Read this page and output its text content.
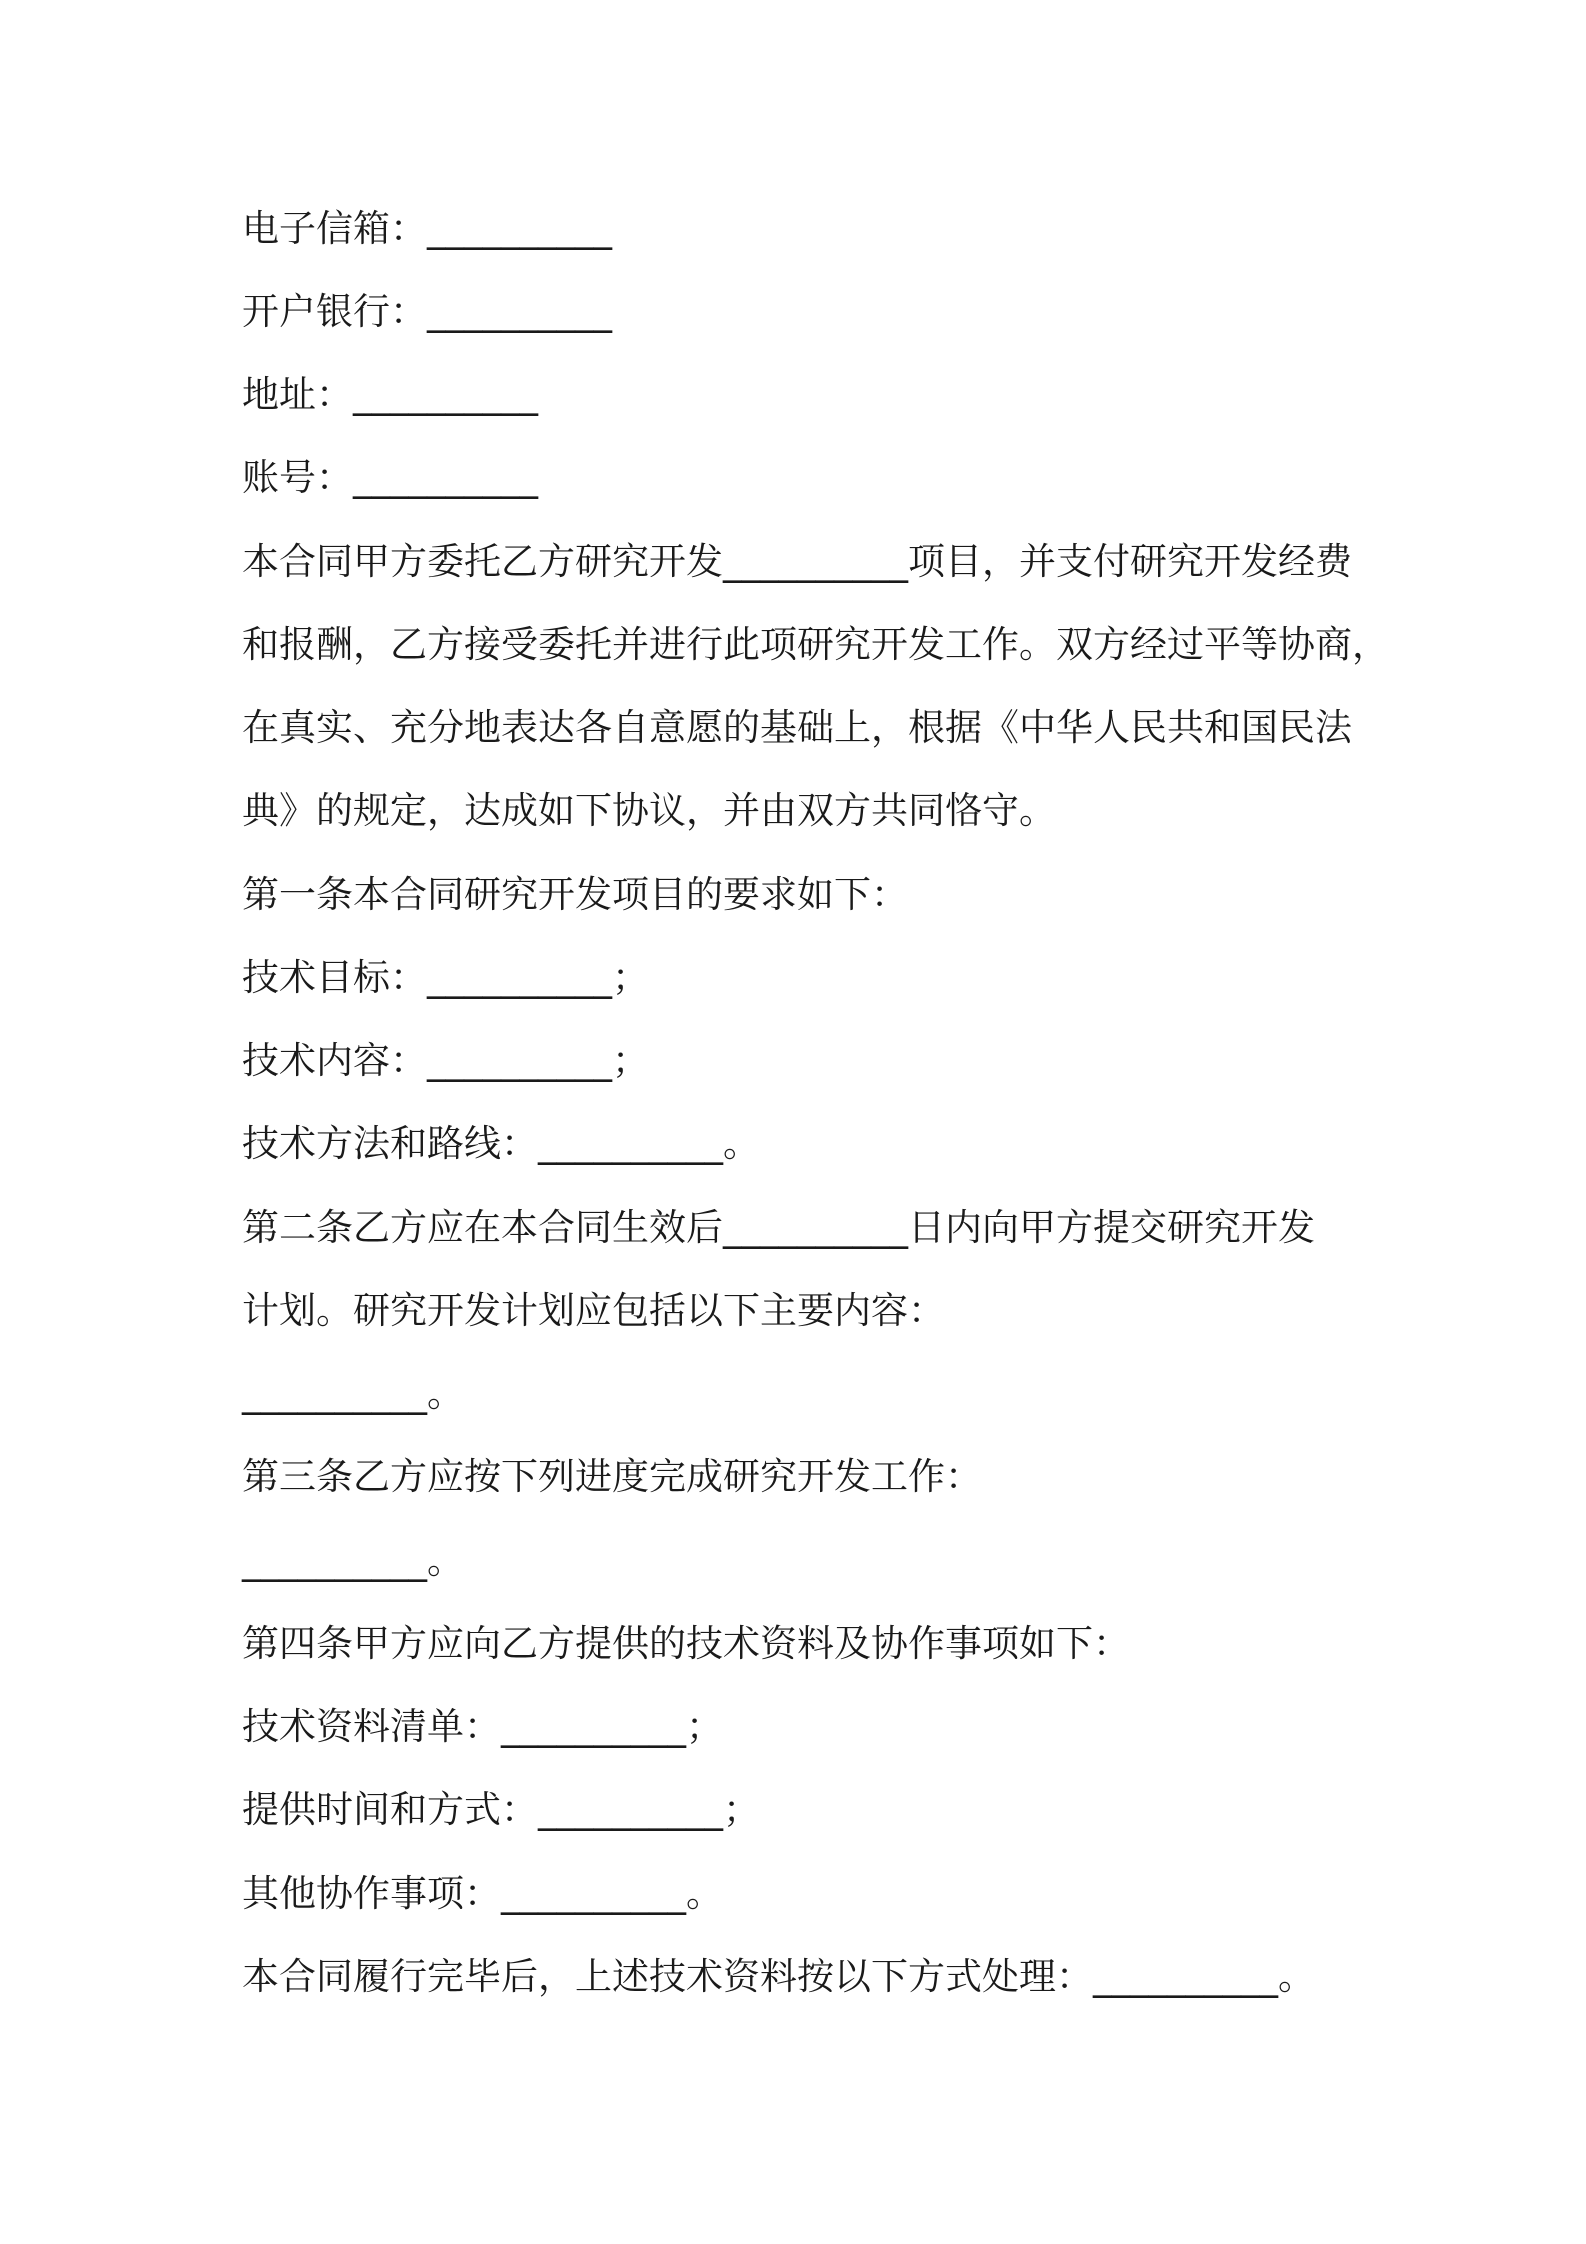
电子信箱：__________
开户银行：__________
地址：__________
账号：__________
本合同甲方委托乙方研究开发__________项目，并支付研究开发经费
和报酬，乙方接受委托并进行此项研究开发工作。双方经过平等协商，
在真实、充分地表达各自意愿的基础上，根据《中华人民共和国民法
典》的规定，达成如下协议，并由双方共同恪守。
第一条本合同研究开发项目的要求如下：
技术目标：__________；
技术内容：__________；
技术方法和路线：__________。
第二条乙方应在本合同生效后__________日内向甲方提交研究开发
计划。研究开发计划应包括以下主要内容：
__________。
第三条乙方应按下列进度完成研究开发工作：
__________。
第四条甲方应向乙方提供的技术资料及协作事项如下：
技术资料清单：__________；
提供时间和方式：__________；
其他协作事项：__________。
本合同履行完毕后，上述技术资料按以下方式处理：__________。
